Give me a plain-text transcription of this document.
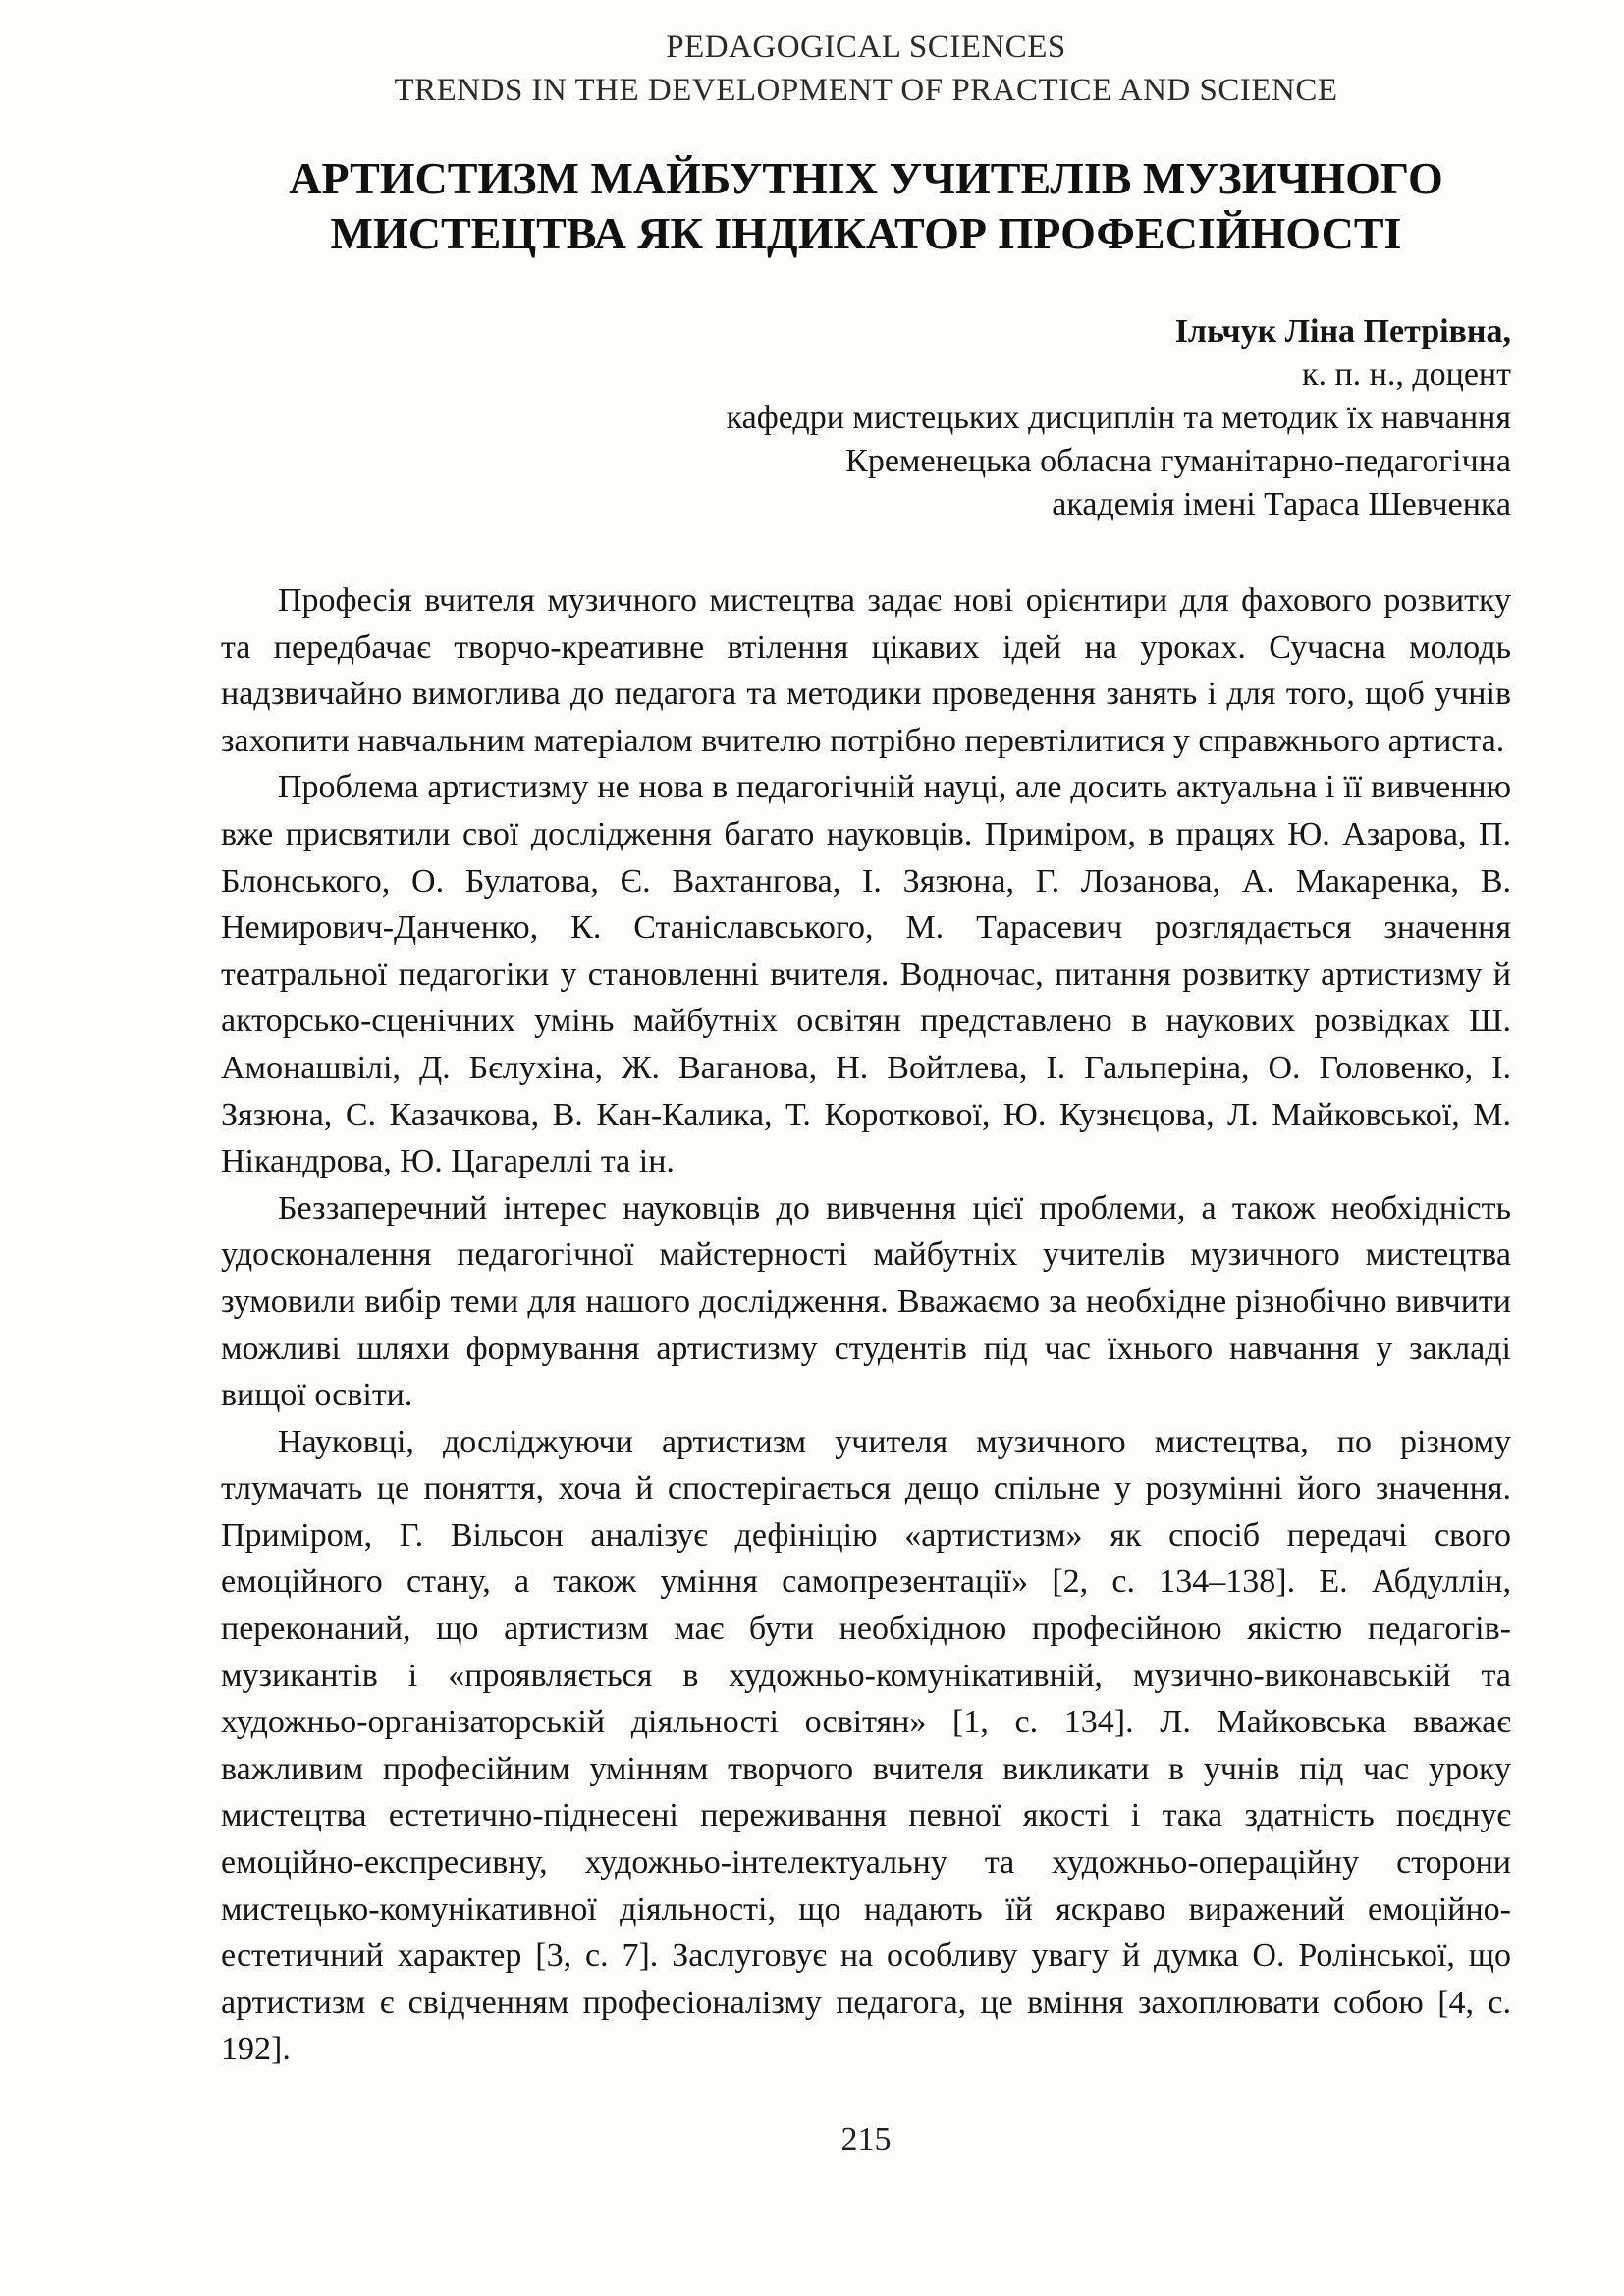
PEDAGOGICAL SCIENCES
TRENDS IN THE DEVELOPMENT OF PRACTICE AND SCIENCE
АРТИСТИЗМ МАЙБУТНІХ УЧИТЕЛІВ МУЗИЧНОГО
МИСТЕЦТВА ЯК ІНДИКАТОР ПРОФЕСІЙНОСТІ
Ільчук Ліна Петрівна,
к. п. н., доцент
кафедри мистецьких дисциплін та методик їх навчання
Кременецька обласна гуманітарно-педагогічна
академія імені Тараса Шевченка

Професія вчителя музичного мистецтва задає нові орієнтири для фахового розвитку та передбачає творчо-креативне втілення цікавих ідей на уроках. Сучасна молодь надзвичайно вимоглива до педагога та методики проведення занять і для того, щоб учнів захопити навчальним матеріалом вчителю потрібно перевтілитися у справжнього артиста.

Проблема артистизму не нова в педагогічній науці, але досить актуальна і її вивченню вже присвятили свої дослідження багато науковців. Приміром, в працях Ю. Азарова, П. Блонського, О. Булатова, Є. Вахтангова, І. Зязюна, Г. Лозанова, А. Макаренка, В. Немирович-Данченко, К. Станіславського, М. Тарасевич розглядається значення театральної педагогіки у становленні вчителя. Водночас, питання розвитку артистизму й акторсько-сценічних умінь майбутніх освітян представлено в наукових розвідках Ш. Амонашвілі, Д. Бєлухіна, Ж. Ваганова, Н. Войтлева, І. Гальперіна, О. Головенко, І. Зязюна, С. Казачкова, В. Кан-Калика, Т. Короткової, Ю. Кузнєцова, Л. Майковської, М. Нікандрова, Ю. Цагареллі та ін.

Беззаперечний інтерес науковців до вивчення цієї проблеми, а також необхідність удосконалення педагогічної майстерності майбутніх учителів музичного мистецтва зумовили вибір теми для нашого дослідження. Вважаємо за необхідне різнобічно вивчити можливі шляхи формування артистизму студентів під час їхнього навчання у закладі вищої освіти.

Науковці, досліджуючи артистизм учителя музичного мистецтва, по різному тлумачать це поняття, хоча й спостерігається дещо спільне у розумінні його значення. Приміром, Г. Вільсон аналізує дефініцію «артистизм» як спосіб передачі свого емоційного стану, а також уміння самопрезентації» [2, с. 134–138]. Е. Абдуллін, переконаний, що артистизм має бути необхідною професійною якістю педагогів-музикантів і «проявляється в художньо-комунікативній, музично-виконавській та художньо-організаторській діяльності освітян» [1, с. 134]. Л. Майковська вважає важливим професійним умінням творчого вчителя викликати в учнів під час уроку мистецтва естетично-піднесені переживання певної якості і така здатність поєднує емоційно-експресивну, художньо-інтелектуальну та художньо-операційну сторони мистецько-комунікативної діяльності, що надають їй яскраво виражений емоційно-естетичний характер [3, с. 7]. Заслуговує на особливу увагу й думка О. Ролінської, що артистизм є свідченням професіоналізму педагога, це вміння захоплювати собою [4, с. 192].

215
